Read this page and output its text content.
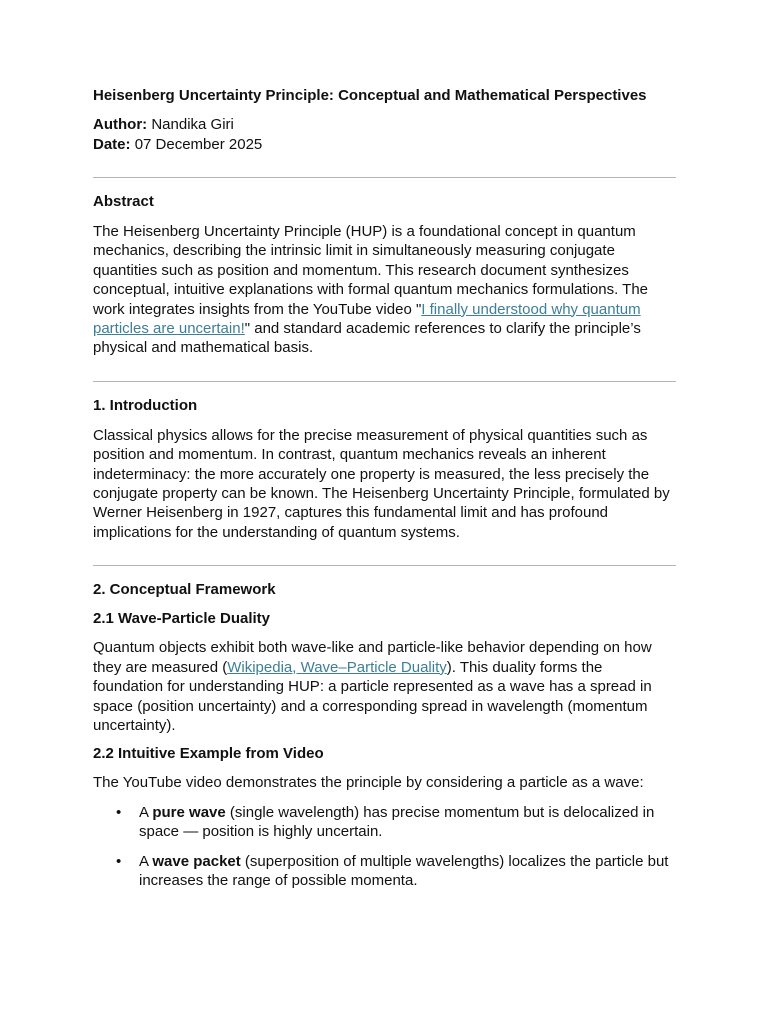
Heisenberg Uncertainty Principle: Conceptual and Mathematical Perspectives
Author: Nandika Giri
Date: 07 December 2025
Abstract

The Heisenberg Uncertainty Principle (HUP) is a foundational concept in quantum mechanics, describing the intrinsic limit in simultaneously measuring conjugate quantities such as position and momentum. This research document synthesizes conceptual, intuitive explanations with formal quantum mechanics formulations. The work integrates insights from the YouTube video "I finally understood why quantum particles are uncertain!" and standard academic references to clarify the principle’s physical and mathematical basis.

1. Introduction

Classical physics allows for the precise measurement of physical quantities such as position and momentum. In contrast, quantum mechanics reveals an inherent indeterminacy: the more accurately one property is measured, the less precisely the conjugate property can be known. The Heisenberg Uncertainty Principle, formulated by Werner Heisenberg in 1927, captures this fundamental limit and has profound implications for the understanding of quantum systems.

2. Conceptual Framework
2.1 Wave-Particle Duality

Quantum objects exhibit both wave-like and particle-like behavior depending on how they are measured (Wikipedia, Wave–Particle Duality). This duality forms the foundation for understanding HUP: a particle represented as a wave has a spread in space (position uncertainty) and a corresponding spread in wavelength (momentum uncertainty).

2.2 Intuitive Example from Video

The YouTube video demonstrates the principle by considering a particle as a wave:

• A pure wave (single wavelength) has precise momentum but is delocalized in space — position is highly uncertain.
• A wave packet (superposition of multiple wavelengths) localizes the particle but increases the range of possible momenta.
